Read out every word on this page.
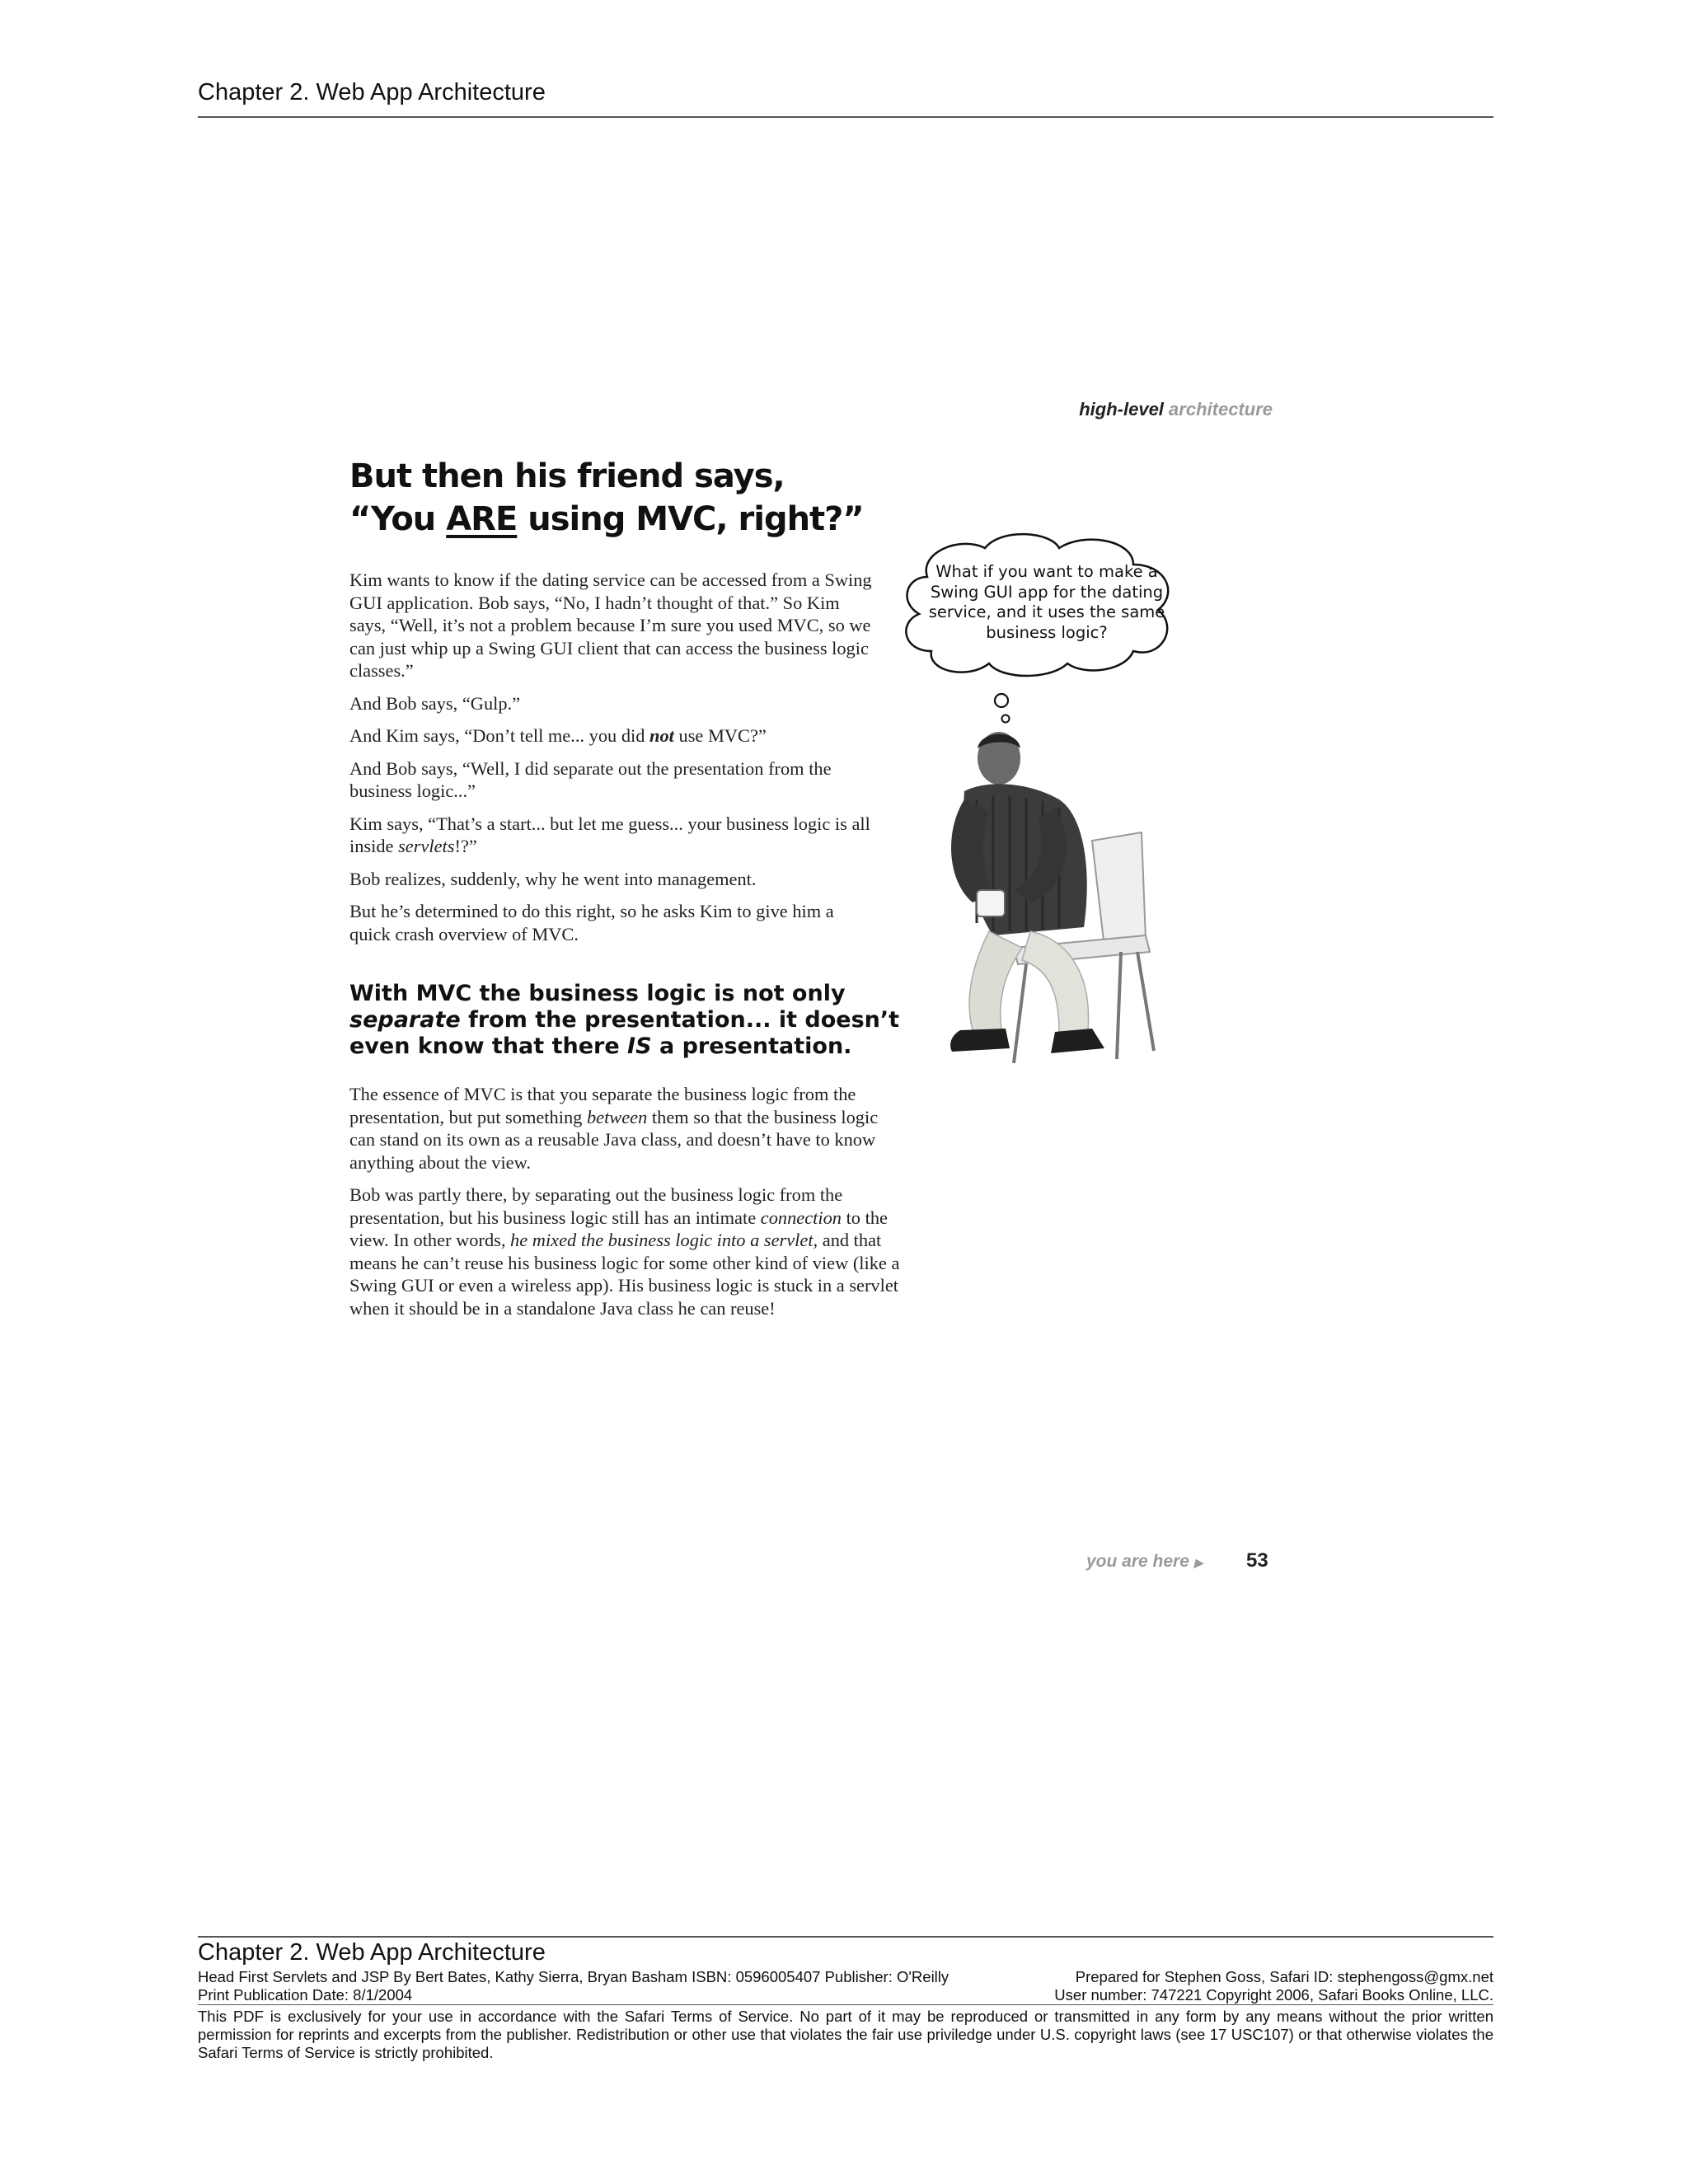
Chapter 2. Web App Architecture
high-level architecture
But then his friend says, “You ARE using MVC, right?”

Kim wants to know if the dating service can be accessed from a Swing GUI application. Bob says, “No, I hadn’t thought of that.” So Kim says, “Well, it’s not a problem because I’m sure you used MVC, so we can just whip up a Swing GUI client that can access the business logic classes.”

And Bob says, “Gulp.”

And Kim says, “Don’t tell me... you did not use MVC?”

And Bob says, “Well, I did separate out the presentation from the business logic...”

Kim says, “That’s a start... but let me guess... your business logic is all inside servlets!?”

Bob realizes, suddenly, why he went into management.

But he’s determined to do this right, so he asks Kim to give him a quick crash overview of MVC.

With MVC the business logic is not only separate from the presentation... it doesn’t even know that there IS a presentation.

The essence of MVC is that you separate the business logic from the presentation, but put something between them so that the business logic can stand on its own as a reusable Java class, and doesn’t have to know anything about the view.

Bob was partly there, by separating out the business logic from the presentation, but his business logic still has an intimate connection to the view. In other words, he mixed the business logic into a servlet, and that means he can’t reuse his business logic for some other kind of view (like a Swing GUI or even a wireless app). His business logic is stuck in a servlet when it should be in a standalone Java class he can reuse!

What if you want to make a Swing GUI app for the dating service, and it uses the same business logic?
you are here ▶ 53
Chapter 2. Web App Architecture
Head First Servlets and JSP By Bert Bates, Kathy Sierra, Bryan Basham ISBN: 0596005407 Publisher: O'Reilly	Prepared for Stephen Goss, Safari ID: stephengoss@gmx.net
Print Publication Date: 8/1/2004	User number: 747221 Copyright 2006, Safari Books Online, LLC.
This PDF is exclusively for your use in accordance with the Safari Terms of Service. No part of it may be reproduced or transmitted in any form by any means without the prior written permission for reprints and excerpts from the publisher. Redistribution or other use that violates the fair use priviledge under U.S. copyright laws (see 17 USC107) or that otherwise violates the Safari Terms of Service is strictly prohibited.
